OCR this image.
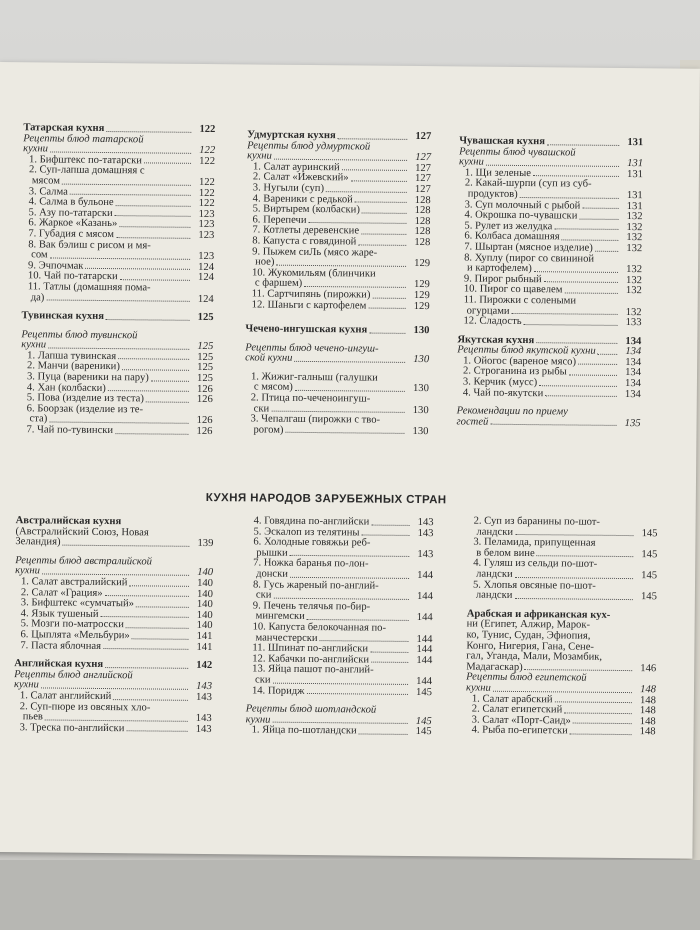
Татарская кухня	122
Рецепты блюд татарской
кухни	122
1. Бифштекс по-татарски	122
2. Суп-лапша домашняя с
мясом	122
3. Салма	122
4. Салма в бульоне	122
5. Азу по-татарски	123
6. Жаркое «Казань»	123
7. Губадия с мясом	123
8. Вак бэлиш с рисом и мя-
сом	123
9. Эчпочмак	124
10. Чай по-татарски	124
11. Татлы (домашняя пома-
да)	124
Тувинская кухня	125
Рецепты блюд тувинской
кухни	125
1. Лапша тувинская	125
2. Манчи (вареники)	125
3. Пуца (вареники на пару)	125
4. Хан (колбаски)	126
5. Пова (изделие из теста)	126
6. Боорзак (изделие из те-
ста)	126
7. Чай по-тувински	126
Удмуртская кухня	127
Рецепты блюд удмуртской
кухни	127
1. Салат ауринский	127
2. Салат «Ижевский»	127
3. Нугыли (суп)	127
4. Вареники с редькой	128
5. Виртырем (колбаски)	128
6. Перепечи	128
7. Котлеты деревенские	128
8. Капуста с говядиной	128
9. Пыжем сиЛь (мясо жаре-
ное)	129
10. Жукомильям (блинчики
с фаршем)	129
11. Сартчипянь (пирожки)	129
12. Шаньги с картофелем	129
Чечено-ингушская кухня	130
Рецепты блюд чечено-ингуш-
ской кухни	130
1. Жижиг-галныш (галушки
с мясом)	130
2. Птица по-чеченоингуш-
ски	130
3. Чепалгаш (пирожки с тво-
рогом)	130
Чувашская кухня	131
Рецепты блюд чувашской
кухни	131
1. Щи зеленые	131
2. Какай-шурпи (суп из суб-
продуктов)	131
3. Суп молочный с рыбой	131
4. Окрошка по-чувашски	132
5. Рулет из желудка	132
6. Колбаса домашняя	132
7. Шыртан (мясное изделие)	132
8. Хуплу (пирог со свининой
и картофелем)	132
9. Пирог рыбный	132
10. Пирог со щавелем	132
11. Пирожки с солеными
огурцами	132
12. Сладость	133
Якутская кухня	134
Рецепты блюд якутской кухни	134
1. Ойогос (вареное мясо)	134
2. Строганина из рыбы	134
3. Керчик (мусс)	134
4. Чай по-якутски	134
Рекомендации по приему
гостей	135
КУХНЯ НАРОДОВ ЗАРУБЕЖНЫХ СТРАН
Австралийская кухня
(Австралийский Союз, Новая
Зеландия)	139
Рецепты блюд австралийской
кухни	140
1. Салат австралийский	140
2. Салат «Грация»	140
3. Бифштекс «сумчатый»	140
4. Язык тушеный	140
5. Мозги по-матросски	140
6. Цыплята «Мельбури»	141
7. Паста яблочная	141
Английская кухня	142
Рецепты блюд английской
кухни	143
1. Салат английский	143
2. Суп-пюре из овсяных хло-
пьев	143
3. Треска по-английски	143
4. Говядина по-английски	143
5. Эскалоп из телятины	143
6. Холодные говяжьи реб-
рышки	143
7. Ножка баранья по-лон-
донски	144
8. Гусь жареный по-англий-
ски	144
9. Печень телячья по-бир-
мингемски	144
10. Капуста белокочанная по-
манчестерски	144
11. Шпинат по-английски	144
12. Кабачки по-английски	144
13. Яйца пашот по-англий-
ски	144
14. Поридж	145
Рецепты блюд шотландской
кухни	145
1. Яйца по-шотландски	145
2. Суп из баранины по-шот-
ландски	145
3. Пеламида, припущенная
в белом вине	145
4. Гуляш из сельди по-шот-
ландски	145
5. Хлопья овсяные по-шот-
ландски	145
Арабская и африканская кух-
ни (Египет, Алжир, Марок-
ко, Тунис, Судан, Эфиопия,
Конго, Нигерия, Гана, Сене-
гал, Уганда, Мали, Мозамбик,
Мадагаскар)	146
Рецепты блюд египетской
кухни	148
1. Салат арабский	148
2. Салат египетский	148
3. Салат «Порт-Саид»	148
4. Рыба по-египетски	148
